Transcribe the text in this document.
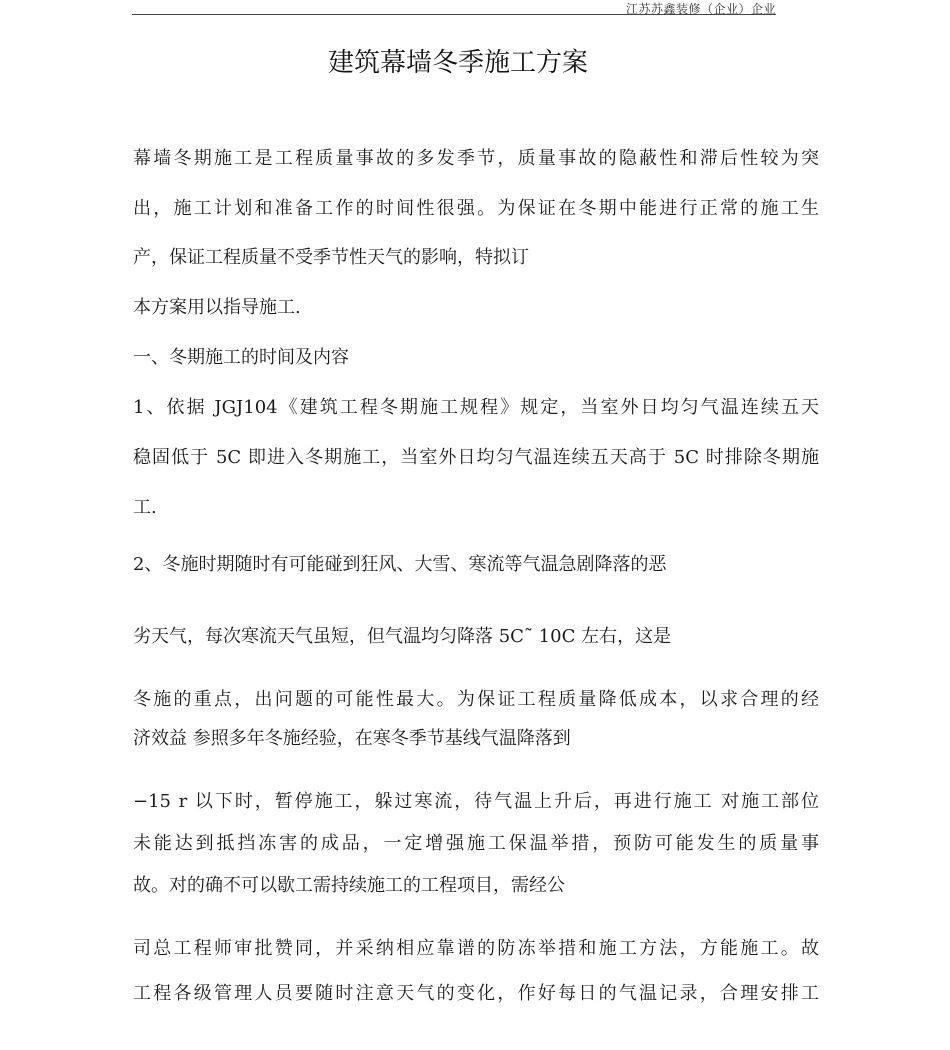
江苏苏鑫装修（企业）企业
建筑幕墙冬季施工方案
幕墙冬期施工是工程质量事故的多发季节，质量事故的隐蔽性和滞后性较为突
出，施工计划和准备工作的时间性很强。为保证在冬期中能进行正常的施工生
产，保证工程质量不受季节性天气的影响，特拟订
本方案用以指导施工.
一、冬期施工的时间及内容
1、依据 JGJ104《建筑工程冬期施工规程》规定，当室外日均匀气温连续五天
稳固低于 5C 即进入冬期施工，当室外日均匀气温连续五天高于 5C 时排除冬期施
工.
2、冬施时期随时有可能碰到狂风、大雪、寒流等气温急剧降落的恶
劣天气，每次寒流天气虽短，但气温均匀降落 5C˜ 10C 左右，这是
冬施的重点，出问题的可能性最大。为保证工程质量降低成本，以求合理的经
济效益 参照多年冬施经验，在寒冬季节基线气温降落到
−15 r 以下时，暂停施工，躲过寒流，待气温上升后，再进行施工 对施工部位
未能达到抵挡冻害的成品，一定增强施工保温举措，预防可能发生的质量事
故。对的确不可以歇工需持续施工的工程项目，需经公
司总工程师审批赞同，并采纳相应靠谱的防冻举措和施工方法，方能施工。故
工程各级管理人员要随时注意天气的变化，作好每日的气温记录，合理安排工
